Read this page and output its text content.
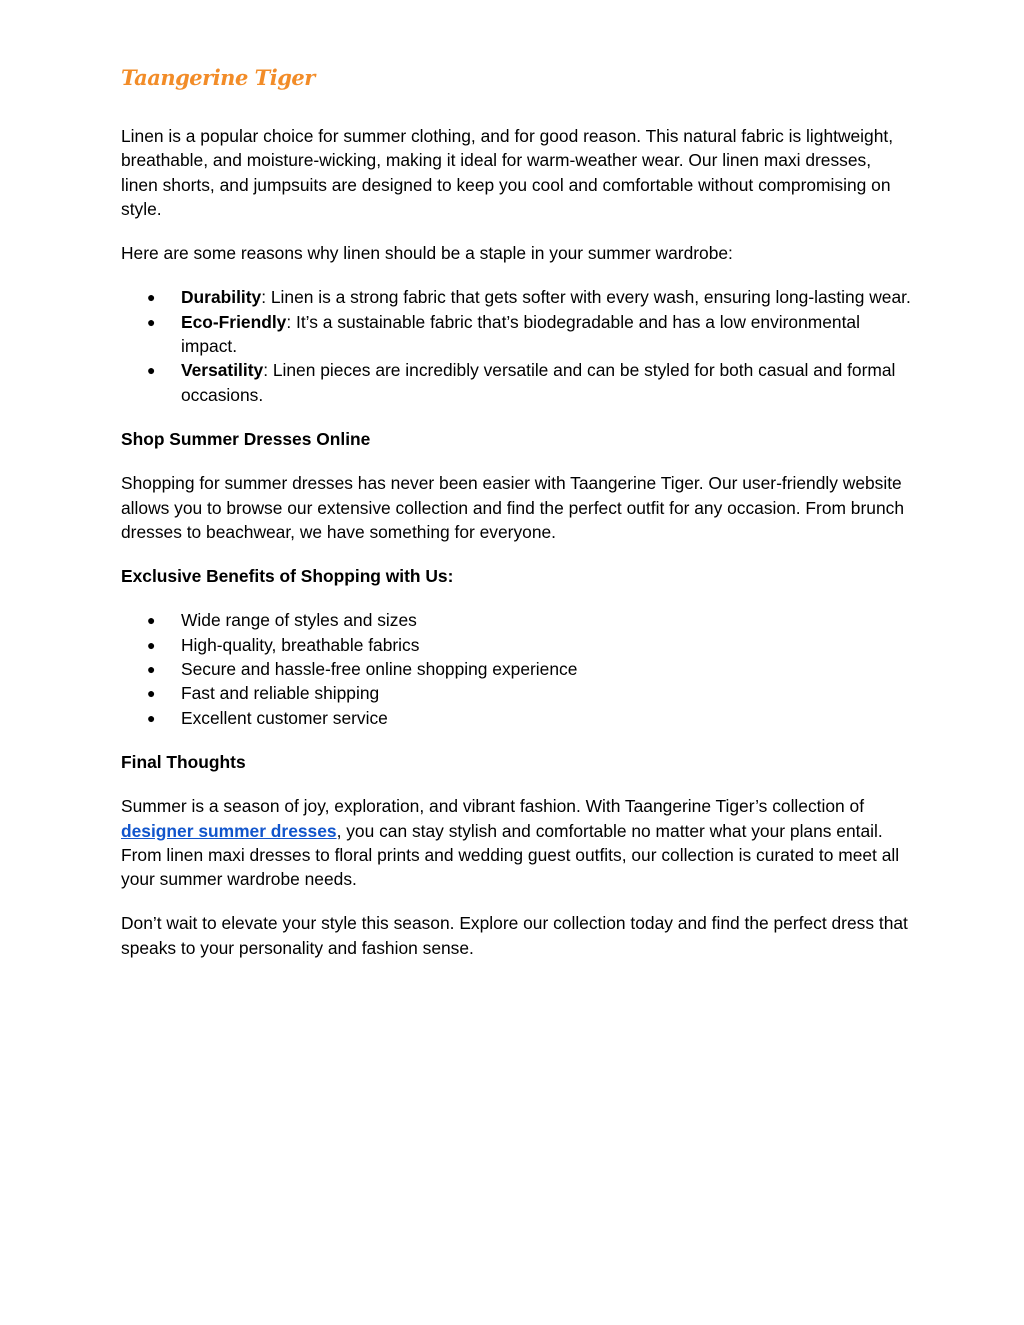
Taangerine Tiger

Linen is a popular choice for summer clothing, and for good reason. This natural fabric is lightweight, breathable, and moisture-wicking, making it ideal for warm-weather wear. Our linen maxi dresses, linen shorts, and jumpsuits are designed to keep you cool and comfortable without compromising on style.

Here are some reasons why linen should be a staple in your summer wardrobe:

● Durability: Linen is a strong fabric that gets softer with every wash, ensuring long-lasting wear.
● Eco-Friendly: It’s a sustainable fabric that’s biodegradable and has a low environmental impact.
● Versatility: Linen pieces are incredibly versatile and can be styled for both casual and formal occasions.
Shop Summer Dresses Online

Shopping for summer dresses has never been easier with Taangerine Tiger. Our user-friendly website allows you to browse our extensive collection and find the perfect outfit for any occasion. From brunch dresses to beachwear, we have something for everyone.

Exclusive Benefits of Shopping with Us:
● Wide range of styles and sizes
● High-quality, breathable fabrics
● Secure and hassle-free online shopping experience
● Fast and reliable shipping
● Excellent customer service
Final Thoughts

Summer is a season of joy, exploration, and vibrant fashion. With Taangerine Tiger’s collection of designer summer dresses, you can stay stylish and comfortable no matter what your plans entail. From linen maxi dresses to floral prints and wedding guest outfits, our collection is curated to meet all your summer wardrobe needs.

Don’t wait to elevate your style this season. Explore our collection today and find the perfect dress that speaks to your personality and fashion sense.
